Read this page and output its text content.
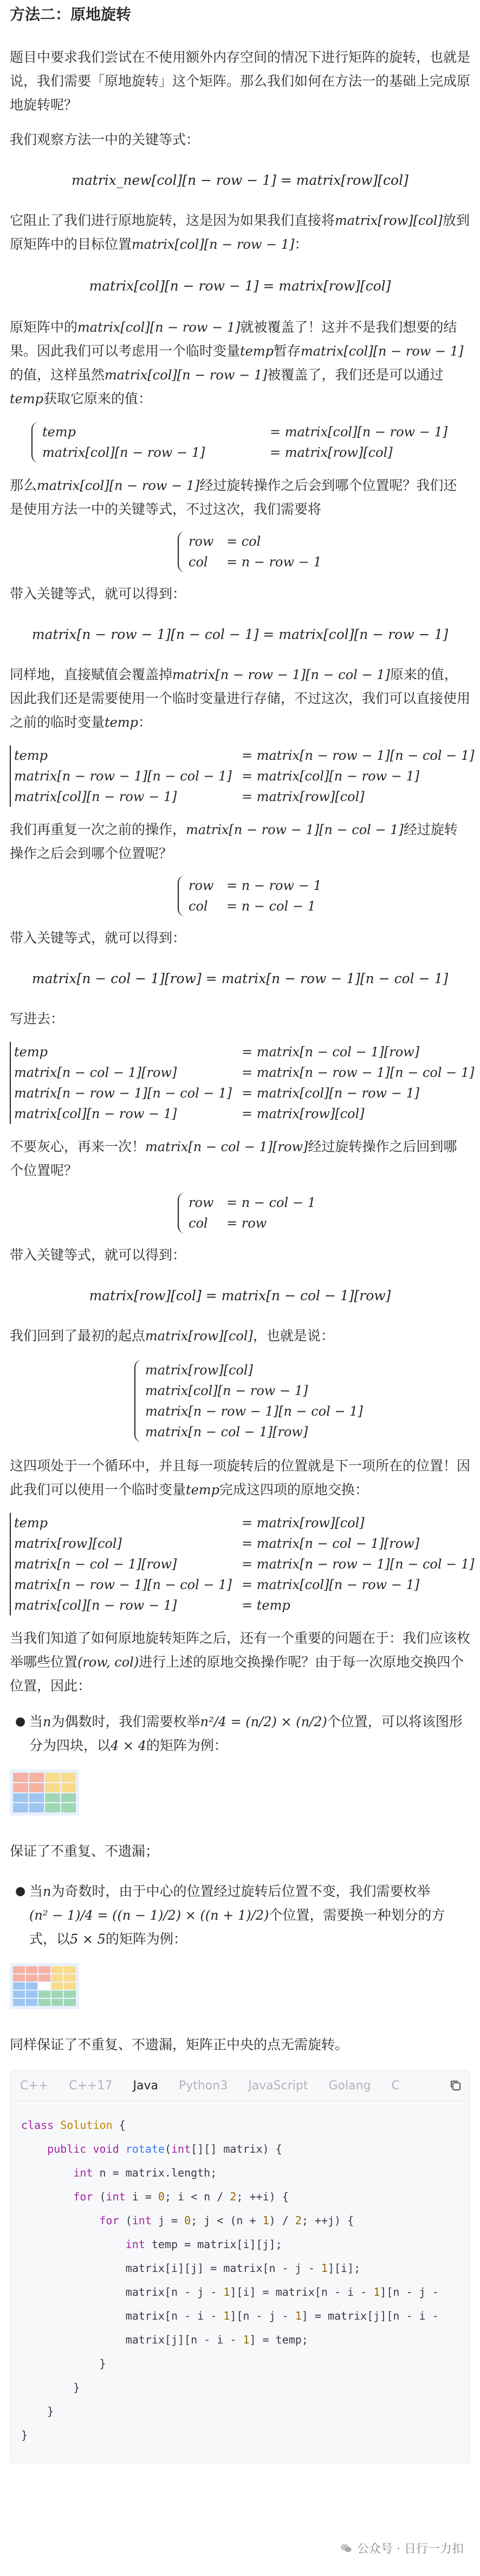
方法二：原地旋转

题目中要求我们尝试在不使用额外内存空间的情况下进行矩阵的旋转，也就是说，我们需要「原地旋转」这个矩阵。那么我们如何在方法一的基础上完成原地旋转呢？

我们观察方法一中的关键等式：

matrix_new[col][n − row − 1] = matrix[row][col]

它阻止了我们进行原地旋转，这是因为如果我们直接将matrix[row][col]放到原矩阵中的目标位置matrix[col][n − row − 1]：

matrix[col][n − row − 1] = matrix[row][col]

原矩阵中的matrix[col][n − row − 1]就被覆盖了！这并不是我们想要的结果。因此我们可以考虑用一个临时变量temp暂存matrix[col][n − row − 1]的值，这样虽然matrix[col][n − row − 1]被覆盖了，我们还是可以通过temp获取它原来的值：

temp	= matrix[col][n − row − 1]
matrix[col][n − row − 1]	= matrix[row][col]

那么matrix[col][n − row − 1]经过旋转操作之后会到哪个位置呢？我们还是使用方法一中的关键等式，不过这次，我们需要将

row = col
col	= n − row − 1

带入关键等式，就可以得到：

matrix[n − row − 1][n − col − 1] = matrix[col][n − row − 1]

同样地，直接赋值会覆盖掉matrix[n − row − 1][n − col − 1]原来的值，因此我们还是需要使用一个临时变量进行存储，不过这次，我们可以直接使用之前的临时变量temp：

temp	= matrix[n − row − 1][n − col − 1]
matrix[n − row − 1][n − col − 1] = matrix[col][n − row − 1]
matrix[col][n − row − 1]	= matrix[row][col]

我们再重复一次之前的操作，matrix[n − row − 1][n − col − 1]经过旋转操作之后会到哪个位置呢？

row = n − row − 1
col	= n − col − 1

带入关键等式，就可以得到：

matrix[n − col − 1][row] = matrix[n − row − 1][n − col − 1]

写进去：

temp	= matrix[n − col − 1][row]
matrix[n − col − 1][row]	= matrix[n − row − 1][n − col − 1]
matrix[n − row − 1][n − col − 1] = matrix[col][n − row − 1]
matrix[col][n − row − 1]	= matrix[row][col]

不要灰心，再来一次！matrix[n − col − 1][row]经过旋转操作之后回到哪个位置呢？

row = n − col − 1
col	= row

带入关键等式，就可以得到：

matrix[row][col] = matrix[n − col − 1][row]

我们回到了最初的起点matrix[row][col]，也就是说：

matrix[row][col]
matrix[col][n − row − 1]
matrix[n − row − 1][n − col − 1]
matrix[n − col − 1][row]

这四项处于一个循环中，并且每一项旋转后的位置就是下一项所在的位置！因此我们可以使用一个临时变量temp完成这四项的原地交换：

temp	= matrix[row][col]
matrix[row][col]	= matrix[n − col − 1][row]
matrix[n − col − 1][row]	= matrix[n − row − 1][n − col − 1]
matrix[n − row − 1][n − col − 1] = matrix[col][n − row − 1]
matrix[col][n − row − 1]	= temp

当我们知道了如何原地旋转矩阵之后，还有一个重要的问题在于：我们应该枚举哪些位置(row, col)进行上述的原地交换操作呢？由于每一次原地交换四个位置，因此：

● 当n为偶数时，我们需要枚举n²/4 = (n/2) × (n/2)个位置，可以将该图形分为四块，以4 × 4的矩阵为例：

保证了不重复、不遗漏；

● 当n为奇数时，由于中心的位置经过旋转后位置不变，我们需要枚举(n² − 1)/4 = ((n − 1)/2) × ((n + 1)/2)个位置，需要换一种划分的方式，以5 × 5的矩阵为例：

同样保证了不重复、不遗漏，矩阵正中央的点无需旋转。

C++ C++17 Java Python3 JavaScript Golang C
class Solution {
public void rotate(int[][] matrix) {
int n = matrix.length;
for (int i = 0; i < n / 2; ++i) {
for (int j = 0; j < (n + 1) / 2; ++j) {
int temp = matrix[i][j];
matrix[i][j] = matrix[n - j - 1][i];
matrix[n - j - 1][i] = matrix[n - i - 1][n - j -
matrix[n - i - 1][n - j - 1] = matrix[j][n - i -
matrix[j][n - i - 1] = temp;
}
}
}
}
公众号 · 日行一力扣
